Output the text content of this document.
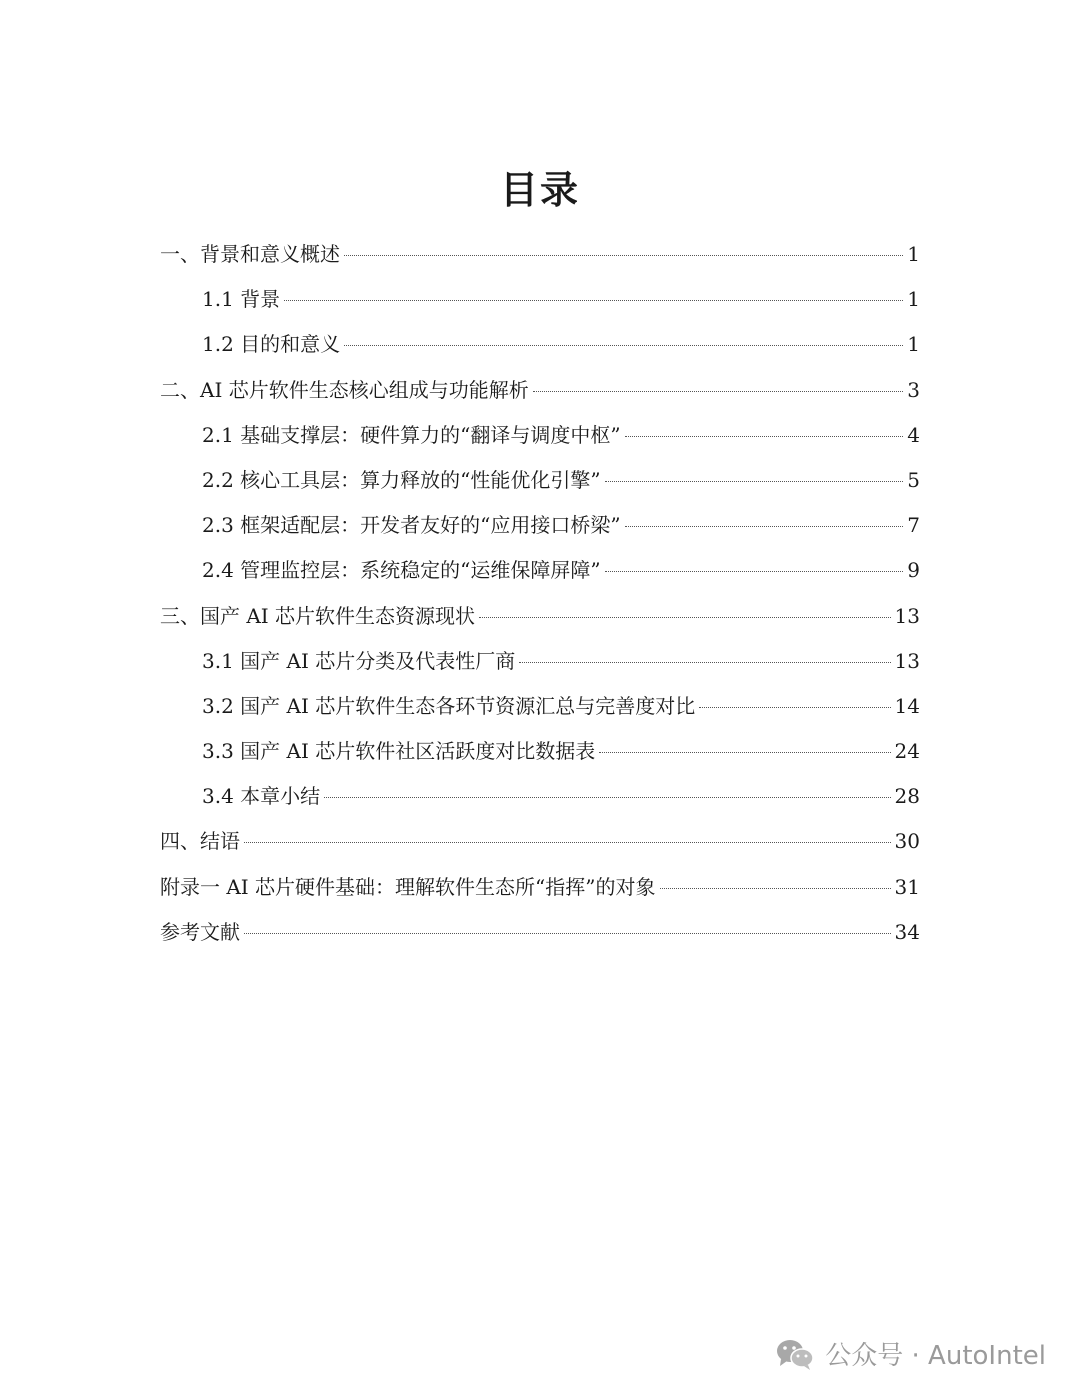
目录
一、背景和意义概述	1
1.1 背景	1
1.2 目的和意义	1
二、AI 芯片软件生态核心组成与功能解析	3
2.1 基础支撑层：硬件算力的“翻译与调度中枢”	4
2.2 核心工具层：算力释放的“性能优化引擎”	5
2.3 框架适配层：开发者友好的“应用接口桥梁”	7
2.4 管理监控层：系统稳定的“运维保障屏障”	9
三、国产 AI 芯片软件生态资源现状	13
3.1 国产 AI 芯片分类及代表性厂商	13
3.2 国产 AI 芯片软件生态各环节资源汇总与完善度对比	14
3.3 国产 AI 芯片软件社区活跃度对比数据表	24
3.4 本章小结	28
四、结语	30
附录一 AI 芯片硬件基础：理解软件生态所“指挥”的对象	31
参考文献	34
公众号 · AutoIntel
